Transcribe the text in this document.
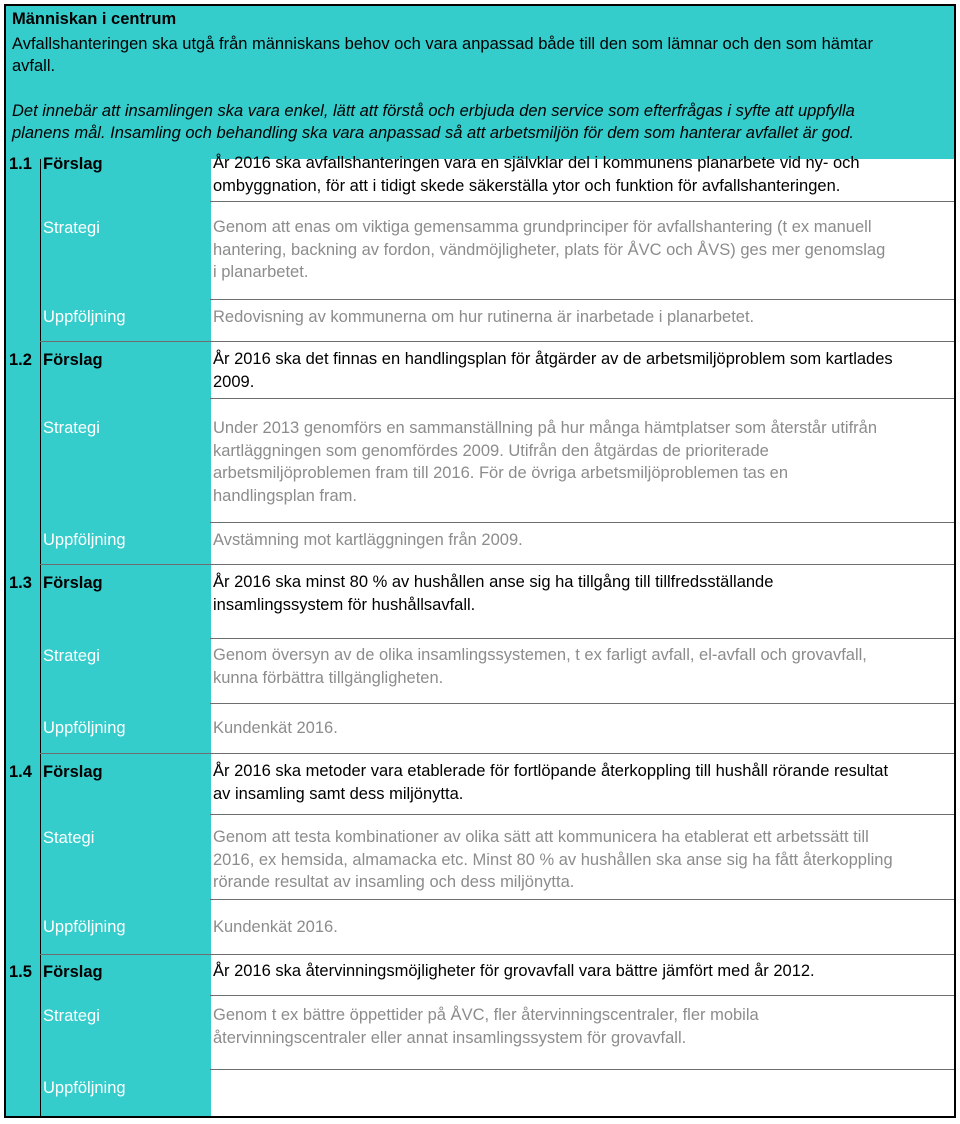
Människan i centrum
Avfallshanteringen ska utgå från människans behov och vara anpassad både till den som lämnar och den som hämtar
avfall.
Det innebär att insamlingen ska vara enkel, lätt att förstå och erbjuda den service som efterfrågas i syfte att uppfylla
planens mål. Insamling och behandling ska vara anpassad så att arbetsmiljön för dem som hanterar avfallet är god.
1.1 Förslag	År 2016 ska avfallshanteringen vara en självklar del i kommunens planarbete vid ny- och
ombyggnation, för att i tidigt skede säkerställa ytor och funktion för avfallshanteringen.
Strategi	Genom att enas om viktiga gemensamma grundprinciper för avfallshantering (t ex manuell
hantering, backning av fordon, vändmöjligheter, plats för ÅVC och ÅVS) ges mer genomslag
i planarbetet.
Uppföljning	Redovisning av kommunerna om hur rutinerna är inarbetade i planarbetet.
1.2 Förslag	År 2016 ska det finnas en handlingsplan för åtgärder av de arbetsmiljöproblem som kartlades
2009.
Strategi	Under 2013 genomförs en sammanställning på hur många hämtplatser som återstår utifrån
kartläggningen som genomfördes 2009. Utifrån den åtgärdas de prioriterade
arbetsmiljöproblemen fram till 2016. För de övriga arbetsmiljöproblemen tas en
handlingsplan fram.
Uppföljning	Avstämning mot kartläggningen från 2009.
1.3 Förslag	År 2016 ska minst 80 % av hushållen anse sig ha tillgång till tillfredsställande
insamlingssystem för hushållsavfall.
Strategi	Genom översyn av de olika insamlingssystemen, t ex farligt avfall, el-avfall och grovavfall,
kunna förbättra tillgängligheten.
Uppföljning	Kundenkät 2016.
1.4 Förslag	År 2016 ska metoder vara etablerade för fortlöpande återkoppling till hushåll rörande resultat
av insamling samt dess miljönytta.
Stategi	Genom att testa kombinationer av olika sätt att kommunicera ha etablerat ett arbetssätt till
2016, ex hemsida, almamacka etc. Minst 80 % av hushållen ska anse sig ha fått återkoppling
rörande resultat av insamling och dess miljönytta.
Uppföljning	Kundenkät 2016.
1.5 Förslag	År 2016 ska återvinningsmöjligheter för grovavfall vara bättre jämfört med år 2012.
Strategi	Genom t ex bättre öppettider på ÅVC, fler återvinningscentraler, fler mobila
återvinningscentraler eller annat insamlingssystem för grovavfall.
Uppföljning
